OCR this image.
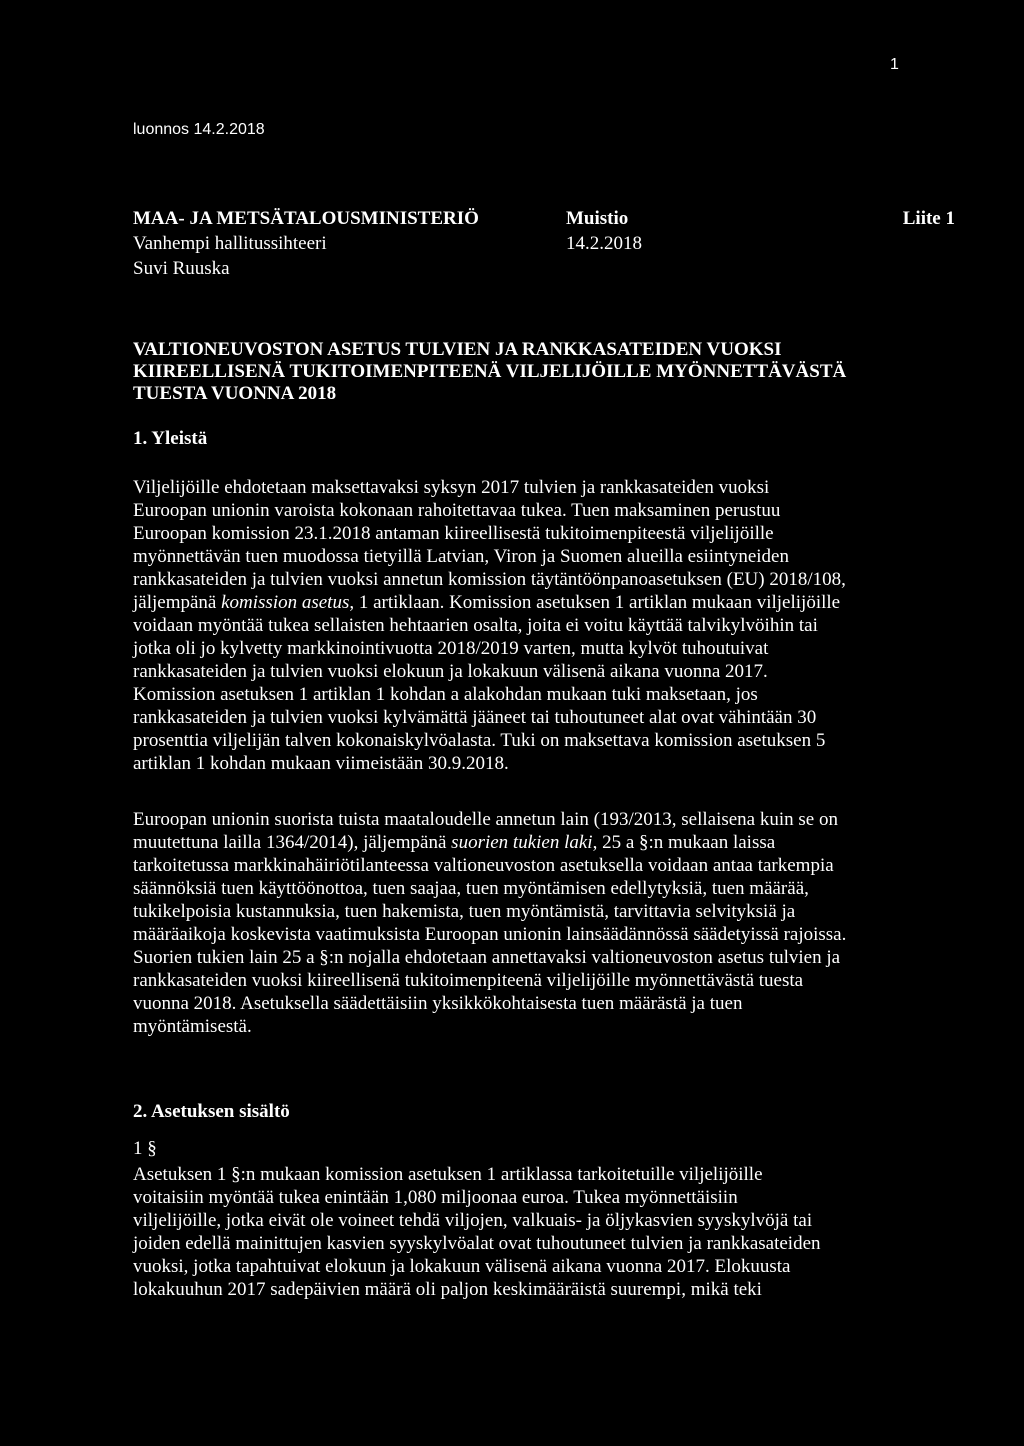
1
luonnos 14.2.2018
MAA- JA METSÄTALOUSMINISTERIÖ	Muistio	Liite 1
Vanhempi hallitussihteeri	14.2.2018
Suvi Ruuska
VALTIONEUVOSTON ASETUS TULVIEN JA RANKKASATEIDEN VUOKSI
KIIREELLISENÄ TUKITOIMENPITEENÄ VILJELIJÖILLE MYÖNNETTÄVÄSTÄ
TUESTA VUONNA 2018
1. Yleistä
Viljelijöille ehdotetaan maksettavaksi syksyn 2017 tulvien ja rankkasateiden vuoksi
Euroopan unionin varoista kokonaan rahoitettavaa tukea. Tuen maksaminen perustuu
Euroopan komission 23.1.2018 antaman kiireellisestä tukitoimenpiteestä viljelijöille
myönnettävän tuen muodossa tietyillä Latvian, Viron ja Suomen alueilla esiintyneiden
rankkasateiden ja tulvien vuoksi annetun komission täytäntöönpanoasetuksen (EU) 2018/108,
jäljempänä komission asetus, 1 artiklaan. Komission asetuksen 1 artiklan mukaan viljelijöille
voidaan myöntää tukea sellaisten hehtaarien osalta, joita ei voitu käyttää talvikylvöihin tai
jotka oli jo kylvetty markkinointivuotta 2018/2019 varten, mutta kylvöt tuhoutuivat
rankkasateiden ja tulvien vuoksi elokuun ja lokakuun välisenä aikana vuonna 2017.
Komission asetuksen 1 artiklan 1 kohdan a alakohdan mukaan tuki maksetaan, jos
rankkasateiden ja tulvien vuoksi kylvämättä jääneet tai tuhoutuneet alat ovat vähintään 30
prosenttia viljelijän talven kokonaiskylvöalasta. Tuki on maksettava komission asetuksen 5
artiklan 1 kohdan mukaan viimeistään 30.9.2018.
Euroopan unionin suorista tuista maataloudelle annetun lain (193/2013, sellaisena kuin se on
muutettuna lailla 1364/2014), jäljempänä suorien tukien laki, 25 a §:n mukaan laissa
tarkoitetussa markkinahäiriötilanteessa valtioneuvoston asetuksella voidaan antaa tarkempia
säännöksiä tuen käyttöönottoa, tuen saajaa, tuen myöntämisen edellytyksiä, tuen määrää,
tukikelpoisia kustannuksia, tuen hakemista, tuen myöntämistä, tarvittavia selvityksiä ja
määräaikoja koskevista vaatimuksista Euroopan unionin lainsäädännössä säädetyissä rajoissa.
Suorien tukien lain 25 a §:n nojalla ehdotetaan annettavaksi valtioneuvoston asetus tulvien ja
rankkasateiden vuoksi kiireellisenä tukitoimenpiteenä viljelijöille myönnettävästä tuesta
vuonna 2018. Asetuksella säädettäisiin yksikkökohtaisesta tuen määrästä ja tuen
myöntämisestä.
2. Asetuksen sisältö
1 §
Asetuksen 1 §:n mukaan komission asetuksen 1 artiklassa tarkoitetuille viljelijöille
voitaisiin myöntää tukea enintään 1,080 miljoonaa euroa. Tukea myönnettäisiin
viljelijöille, jotka eivät ole voineet tehdä viljojen, valkuais- ja öljykasvien syyskylvöjä tai
joiden edellä mainittujen kasvien syyskylvöalat ovat tuhoutuneet tulvien ja rankkasateiden
vuoksi, jotka tapahtuivat elokuun ja lokakuun välisenä aikana vuonna 2017. Elokuusta
lokakuuhun 2017 sadepäivien määrä oli paljon keskimääräistä suurempi, mikä teki
